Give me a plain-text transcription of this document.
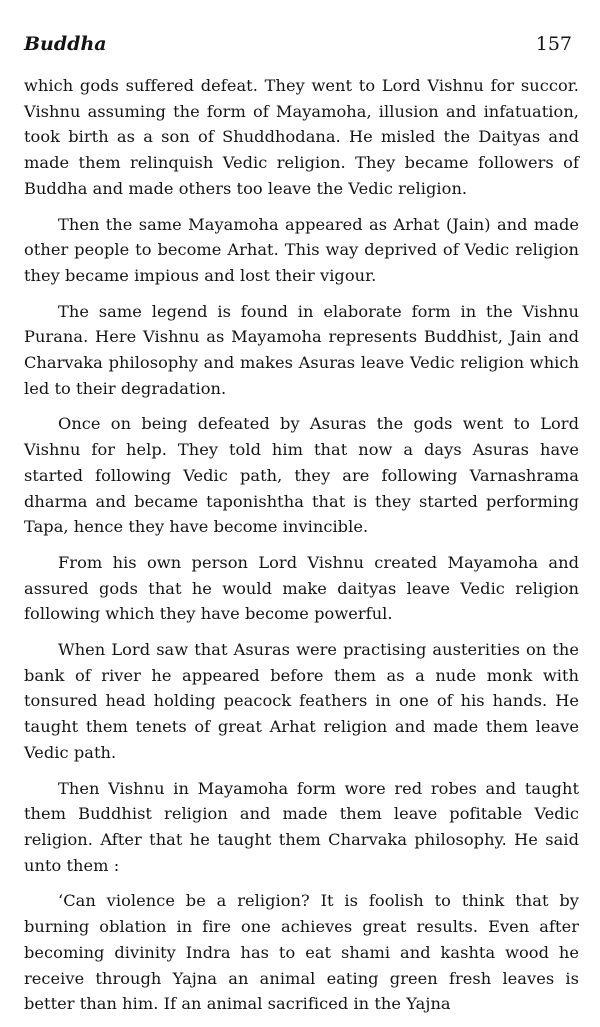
Buddha	157

which gods suffered defeat. They went to Lord Vishnu for succor. Vishnu assuming the form of Mayamoha, illusion and infatuation, took birth as a son of Shuddhodana. He misled the Daityas and made them relinquish Vedic religion. They became followers of Buddha and made others too leave the Vedic religion.

Then the same Mayamoha appeared as Arhat (Jain) and made other people to become Arhat. This way deprived of Vedic religion they became impious and lost their vigour.

The same legend is found in elaborate form in the Vishnu Purana. Here Vishnu as Mayamoha represents Buddhist, Jain and Charvaka philosophy and makes Asuras leave Vedic religion which led to their degradation.

Once on being defeated by Asuras the gods went to Lord Vishnu for help. They told him that now a days Asuras have started following Vedic path, they are following Varnashrama dharma and became taponishtha that is they started performing Tapa, hence they have become invincible.

From his own person Lord Vishnu created Mayamoha and assured gods that he would make daityas leave Vedic religion following which they have become powerful.

When Lord saw that Asuras were practising austerities on the bank of river he appeared before them as a nude monk with tonsured head holding peacock feathers in one of his hands. He taught them tenets of great Arhat religion and made them leave Vedic path.

Then Vishnu in Mayamoha form wore red robes and taught them Buddhist religion and made them leave pofitable Vedic religion. After that he taught them Charvaka philosophy. He said unto them :

‘Can violence be a religion? It is foolish to think that by burning oblation in fire one achieves great results. Even after becoming divinity Indra has to eat shami and kashta wood he receive through Yajna an animal eating green fresh leaves is better than him. If an animal sacrificed in the Yajna
